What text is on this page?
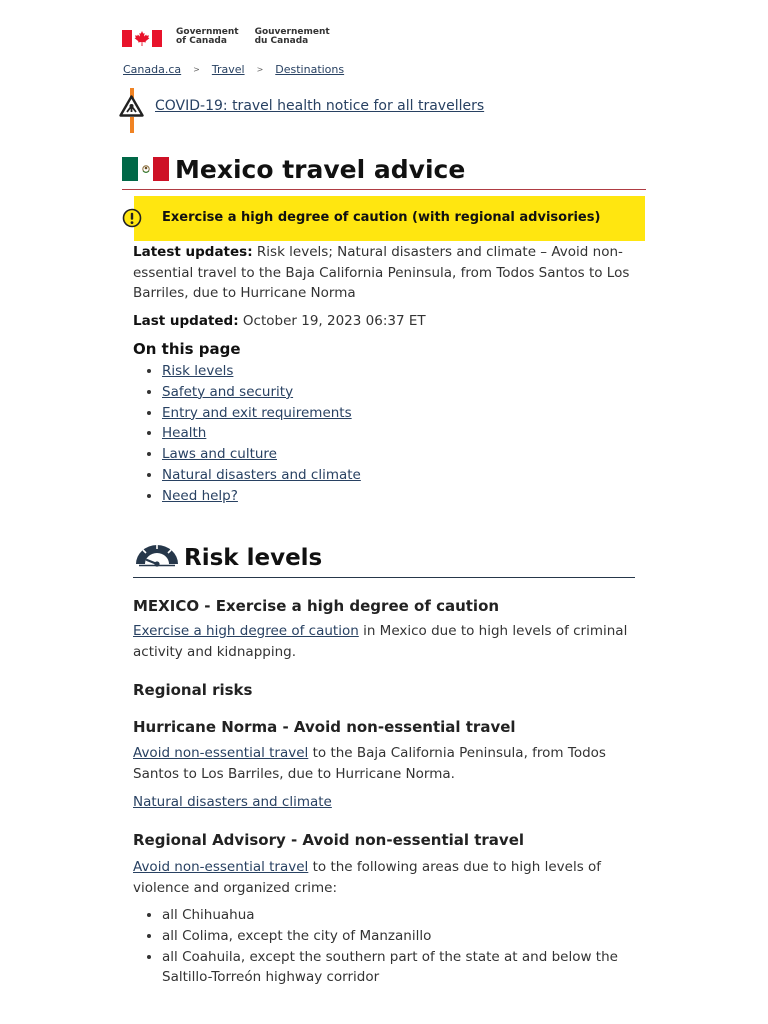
Government
of Canada
Gouvernement
du Canada
Canada.ca > Travel > Destinations
COVID-19: travel health notice for all travellers
Mexico travel advice
Exercise a high degree of caution (with regional advisories)

Latest updates: Risk levels; Natural disasters and climate – Avoid non-essential travel to the Baja California Peninsula, from Todos Santos to Los Barriles, due to Hurricane Norma

Last updated: October 19, 2023 06:37 ET

On this page
• Risk levels
• Safety and security
• Entry and exit requirements
• Health
• Laws and culture
• Natural disasters and climate
• Need help?
Risk levels
MEXICO - Exercise a high degree of caution

Exercise a high degree of caution in Mexico due to high levels of criminal activity and kidnapping.

Regional risks
Hurricane Norma - Avoid non-essential travel

Avoid non-essential travel to the Baja California Peninsula, from Todos Santos to Los Barriles, due to Hurricane Norma.

Natural disasters and climate

Regional Advisory - Avoid non-essential travel

Avoid non-essential travel to the following areas due to high levels of violence and organized crime:

• all Chihuahua
• all Colima, except the city of Manzanillo
• all Coahuila, except the southern part of the state at and below the Saltillo-Torreón highway corridor
